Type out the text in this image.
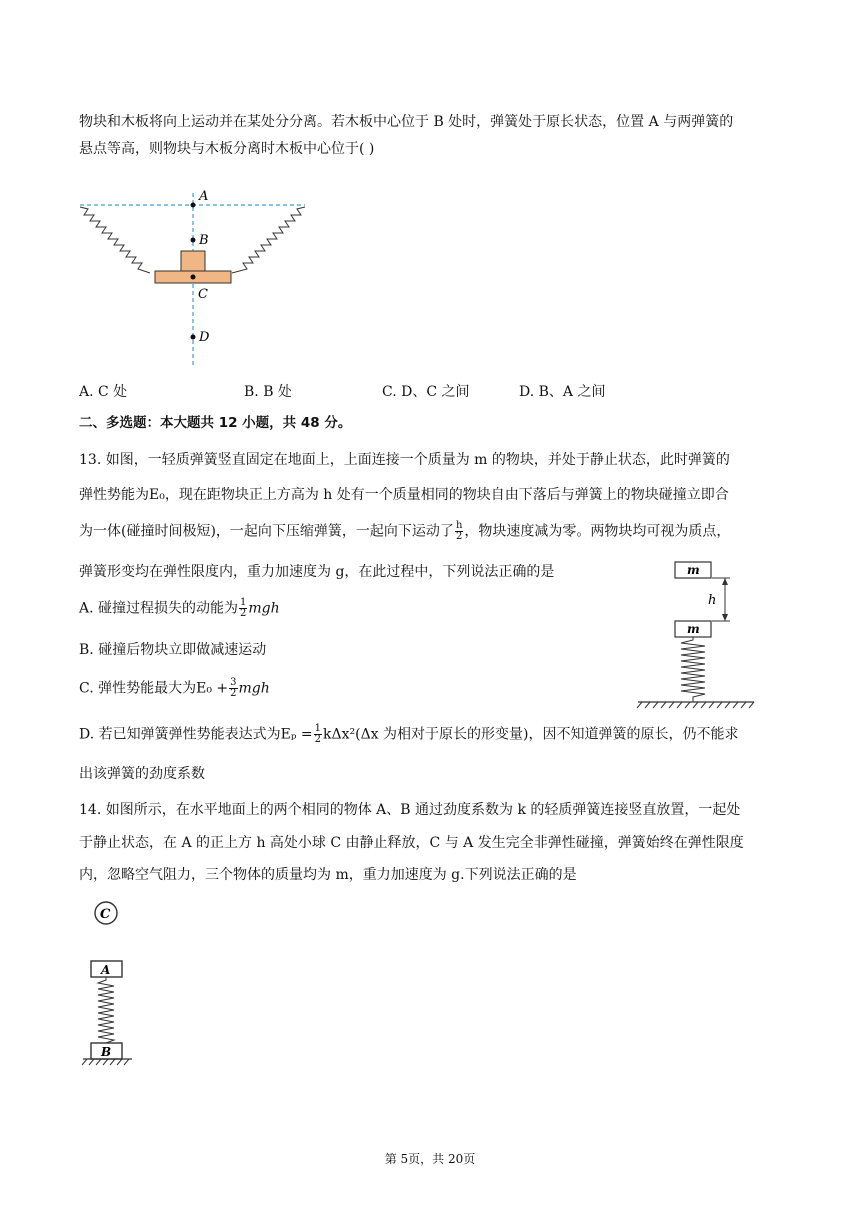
物块和木板将向上运动并在某处分分离。若木板中心位于 B 处时，弹簧处于原长状态，位置 A 与两弹簧的
悬点等高，则物块与木板分离时木板中心位于( )
A
B
C
D
A. C 处	B. B 处	C. D、C 之间	D. B、A 之间
二、多选题：本大题共 12 小题，共 48 分。
13. 如图，一轻质弹簧竖直固定在地面上，上面连接一个质量为 m 的物块，并处于静止状态，此时弹簧的
弹性势能为E₀，现在距物块正上方高为 h 处有一个质量相同的物块自由下落后与弹簧上的物块碰撞立即合
为一体(碰撞时间极短)，一起向下压缩弹簧，一起向下运动了 $\frac{h}{2}$ ，物块速度减为零。两物块均可视为质点，
弹簧形变均在弹性限度内，重力加速度为 g，在此过程中，下列说法正确的是
A. 碰撞过程损失的动能为 $\frac{1}{2}$ mgh
B. 碰撞后物块立即做减速运动
C. 弹性势能最大为$E_0 + \frac{3}{2}$ mgh
D. 若已知弹簧弹性势能表达式为$E_p = \frac{1}{2} k\Delta x^2(\Delta x$ 为相对于原长的形变量)，因不知道弹簧的原长，仍不能求
出该弹簧的劲度系数
m
h
m
14. 如图所示，在水平地面上的两个相同的物体 A、B 通过劲度系数为 k 的轻质弹簧连接竖直放置，一起处
于静止状态，在 A 的正上方 h 高处小球 C 由静止释放，C 与 A 发生完全非弹性碰撞，弹簧始终在弹性限度
内，忽略空气阻力，三个物体的质量均为 m，重力加速度为 g.下列说法正确的是
C
A
B
第 5页，共 20页
